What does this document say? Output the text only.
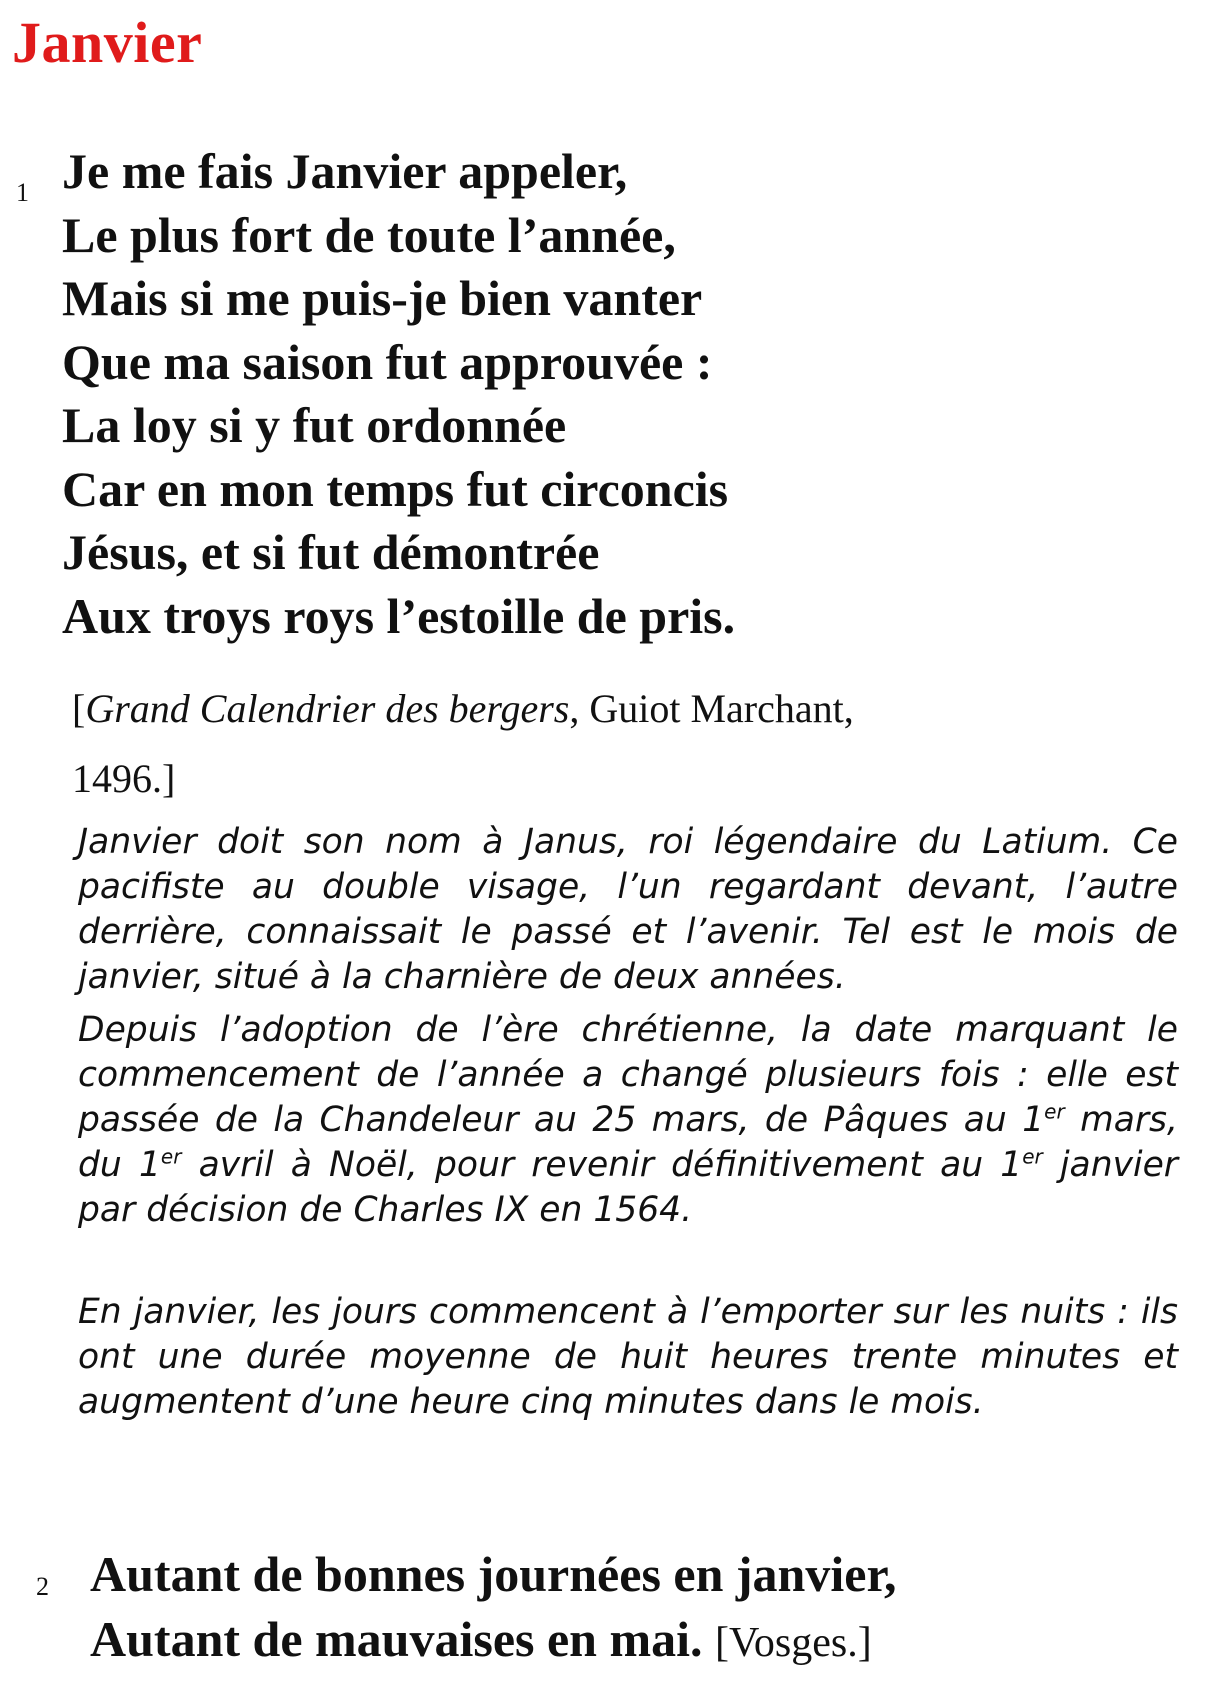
Janvier
1 Je me fais Janvier appeler,
Le plus fort de toute l’année,
Mais si me puis-je bien vanter
Que ma saison fut approuvée :
La loy si y fut ordonnée
Car en mon temps fut circoncis
Jésus, et si fut démontrée
Aux troys roys l’estoille de pris.
[Grand Calendrier des bergers, Guiot Marchant,
1496.]

Janvier doit son nom à Janus, roi légendaire du Latium. Ce pacifiste au double visage, l’un regardant devant, l’autre derrière, connaissait le passé et l’avenir. Tel est le mois de janvier, situé à la charnière de deux années.

Depuis l’adoption de l’ère chrétienne, la date marquant le commencement de l’année a changé plusieurs fois : elle est passée de la Chandeleur au 25 mars, de Pâques au 1er mars, du 1er avril à Noël, pour revenir définitivement au 1er janvier par décision de Charles IX en 1564.

En janvier, les jours commencent à l’emporter sur les nuits : ils ont une durée moyenne de huit heures trente minutes et augmentent d’une heure cinq minutes dans le mois.

2 Autant de bonnes journées en janvier,
Autant de mauvaises en mai. [Vosges.]
